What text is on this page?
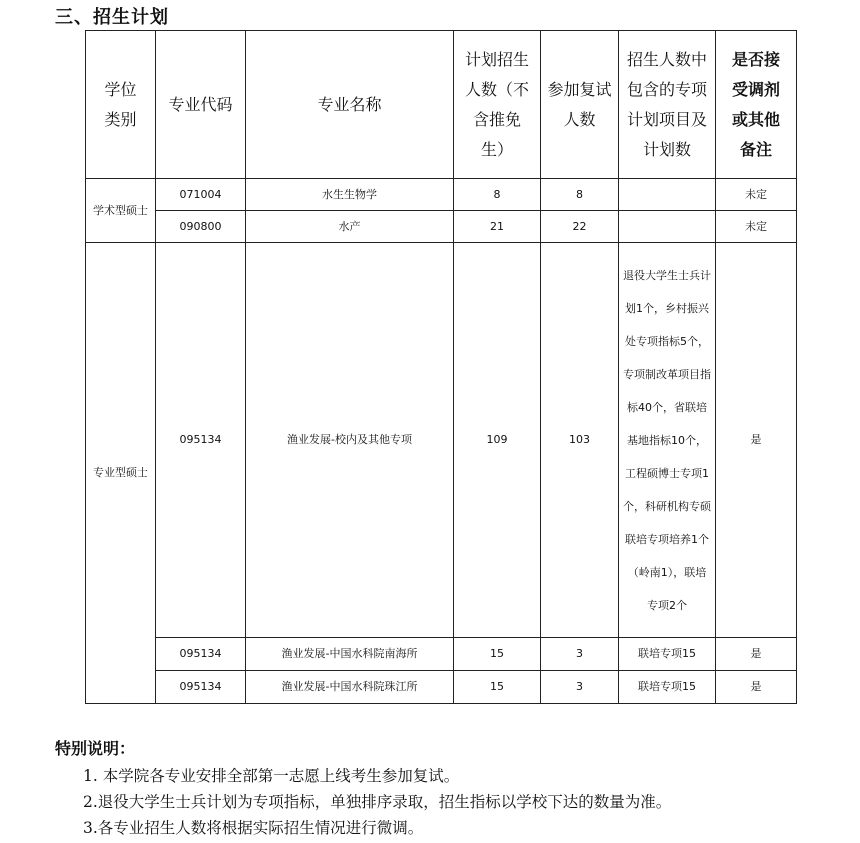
三、招生计划
学位类别	专业代码	专业名称	计划招生人数（不含推免生）	参加复试人数	招生人数中包含的专项计划项目及计划数	是否接受调剂或其他备注
学术型硕士	071004	水生生物学	8	8		未定
	090800	水产	21	22		未定
专业型硕士	095134	渔业发展-校内及其他专项	109	103	退役大学生士兵计划1个，乡村振兴处专项指标5个，专项制改革项目指标40个，省联培基地指标10个，工程硕博士专项1个，科研机构专硕联培专项培养1个（岭南1），联培专项2个	是
	095134	渔业发展-中国水科院南海所	15	3	联培专项15	是
	095134	渔业发展-中国水科院珠江所	15	3	联培专项15	是
特别说明：
1. 本学院各专业安排全部第一志愿上线考生参加复试。
2.退役大学生士兵计划为专项指标，单独排序录取，招生指标以学校下达的数量为准。
3.各专业招生人数将根据实际招生情况进行微调。
